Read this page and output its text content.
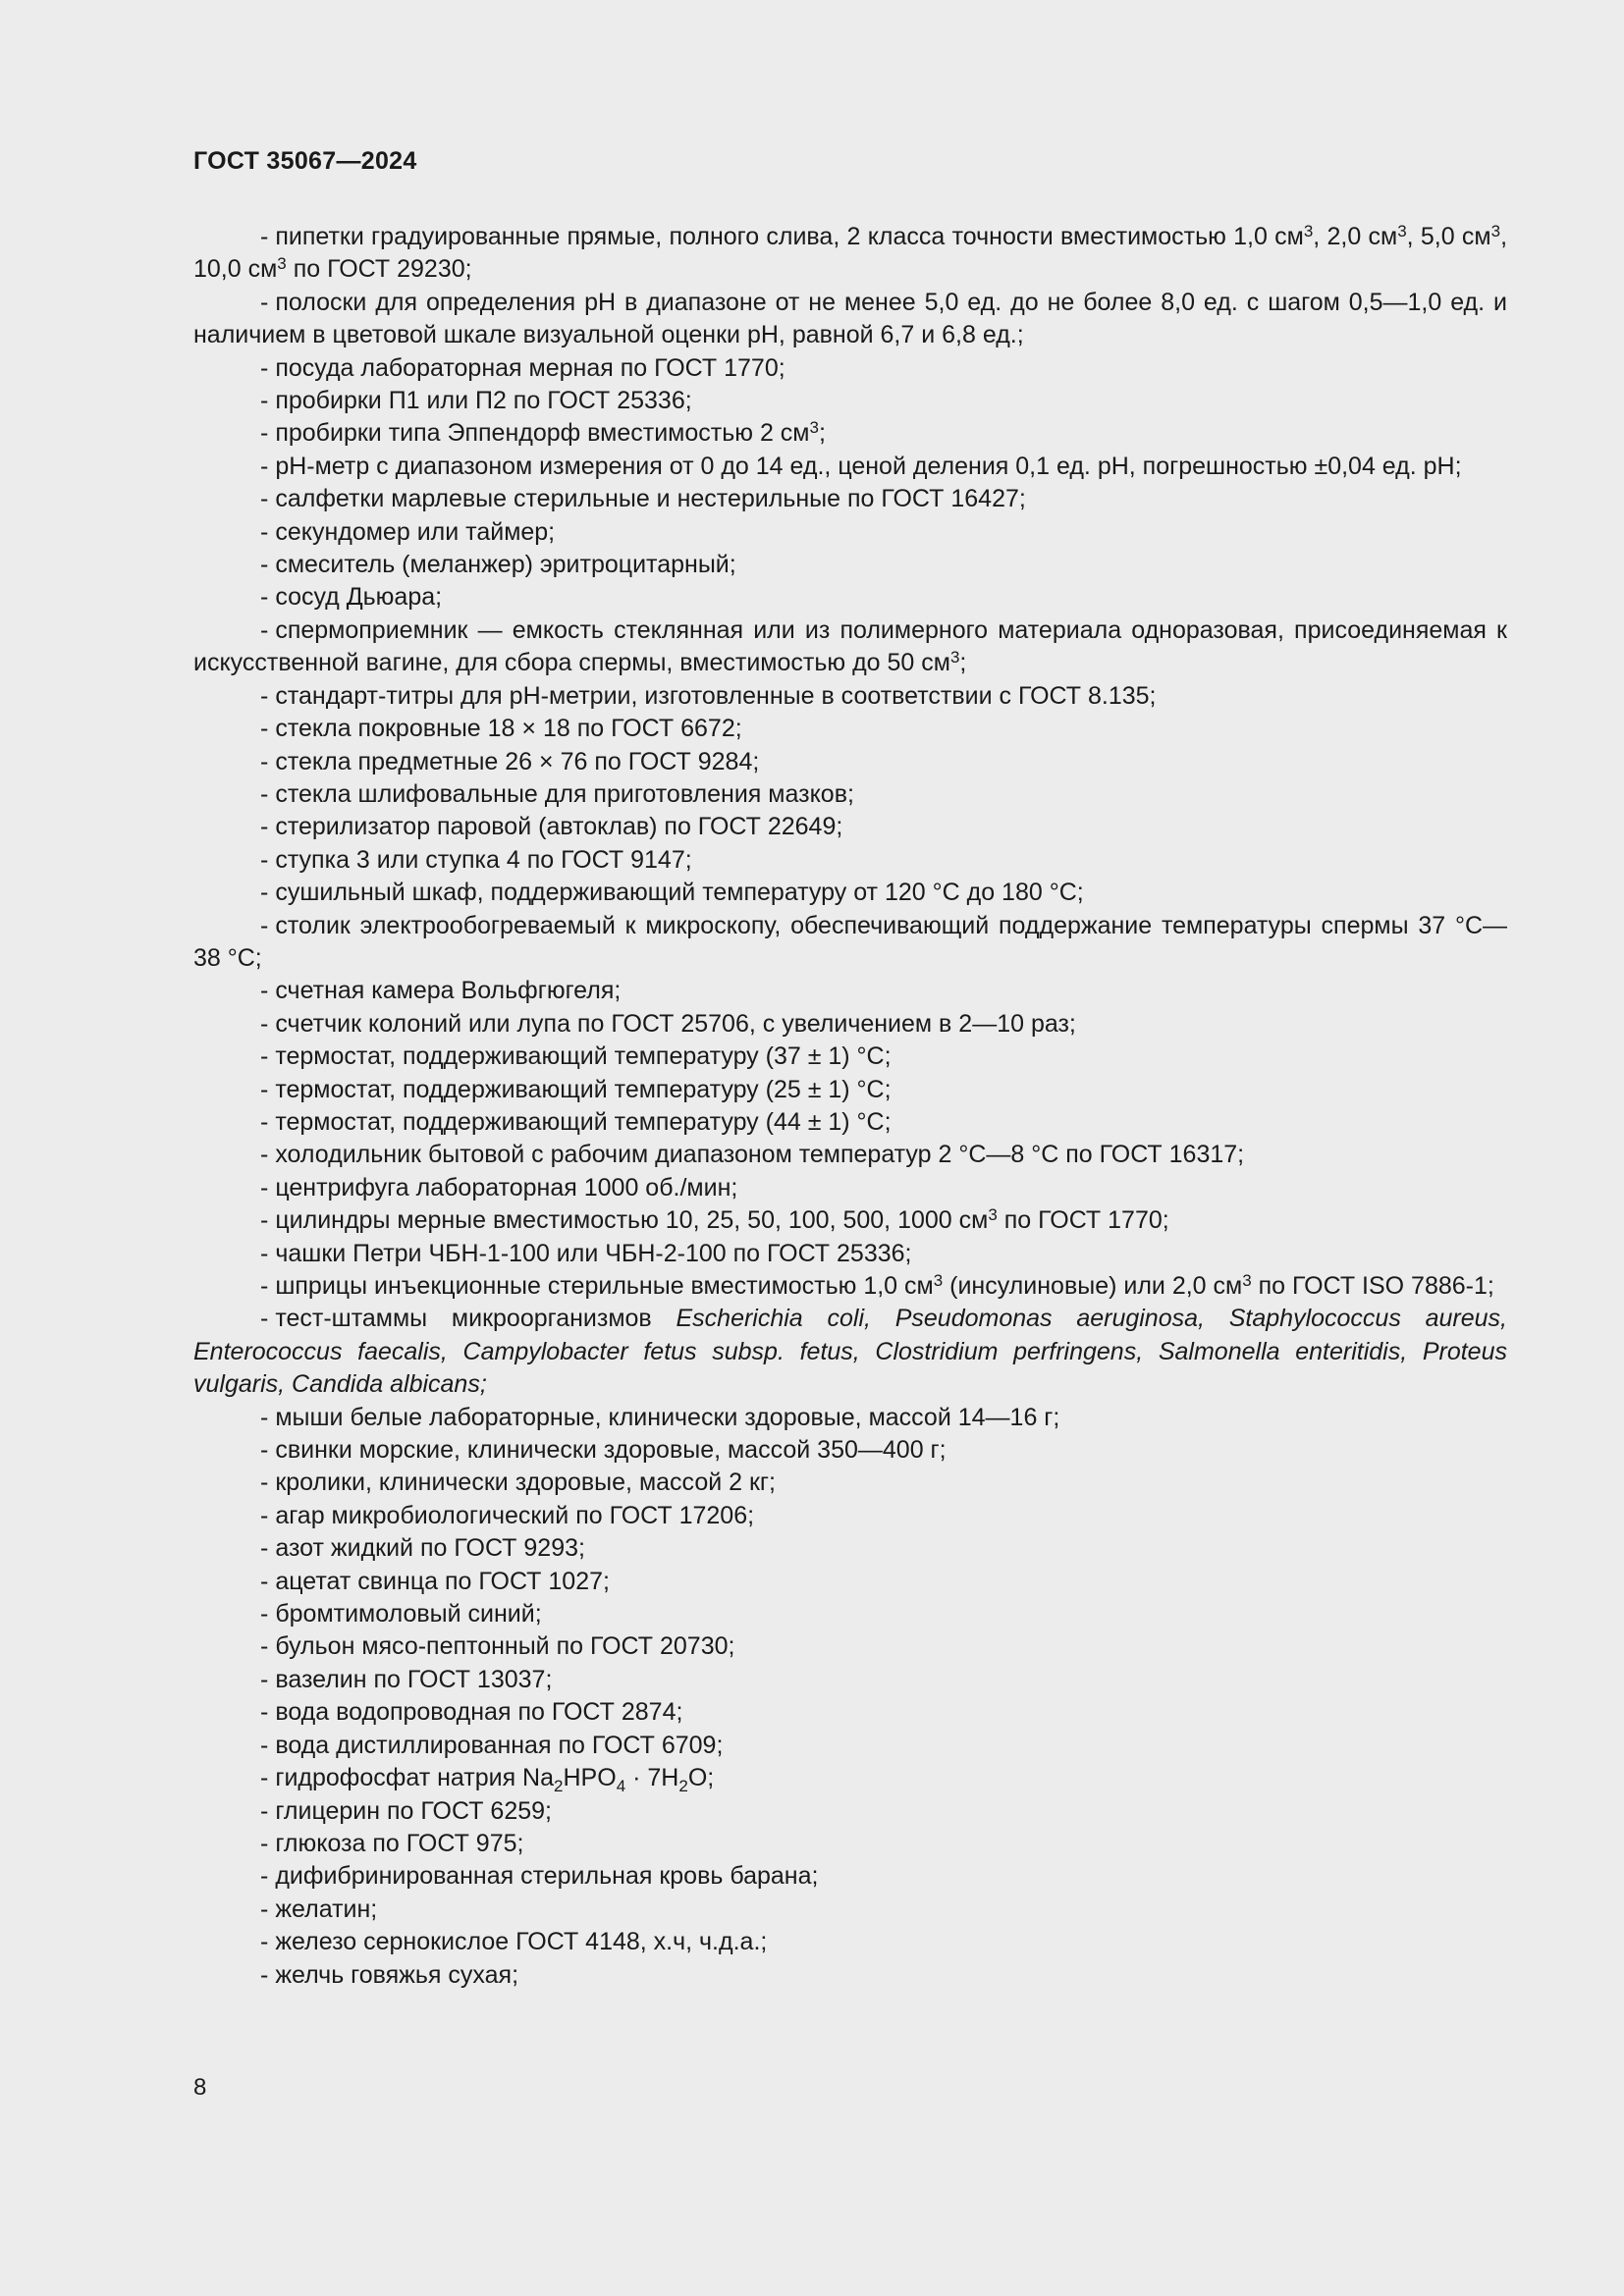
ГОСТ 35067—2024

- пипетки градуированные прямые, полного слива, 2 класса точности вместимостью 1,0 $см^3$, 2,0 $см^3$, 5,0 $см^3$, 10,0 $см^3$ по ГОСТ 29230;

- полоски для определения pH в диапазоне от не менее 5,0 ед. до не более 8,0 ед. с шагом 0,5—1,0 ед. и наличием в цветовой шкале визуальной оценки pH, равной 6,7 и 6,8 ед.;

- посуда лабораторная мерная по ГОСТ 1770;

- пробирки П1 или П2 по ГОСТ 25336;

- пробирки типа Эппендорф вместимостью 2 $см^3$;

- pH-метр с диапазоном измерения от 0 до 14 ед., ценой деления 0,1 ед. pH, погрешностью ±0,04 ед. pH;

- салфетки марлевые стерильные и нестерильные по ГОСТ 16427;

- секундомер или таймер;

- смеситель (меланжер) эритроцитарный;

- сосуд Дьюара;

- спермоприемник — емкость стеклянная или из полимерного материала одноразовая, присоединяемая к искусственной вагине, для сбора спермы, вместимостью до 50 $см^3$;

- стандарт-титры для pH-метрии, изготовленные в соответствии с ГОСТ 8.135;

- стекла покровные 18 × 18 по ГОСТ 6672;

- стекла предметные 26 × 76 по ГОСТ 9284;

- стекла шлифовальные для приготовления мазков;

- стерилизатор паровой (автоклав) по ГОСТ 22649;

- ступка 3 или ступка 4 по ГОСТ 9147;

- сушильный шкаф, поддерживающий температуру от 120 °С до 180 °С;

- столик электрообогреваемый к микроскопу, обеспечивающий поддержание температуры спермы 37 °С—38 °С;

- счетная камера Вольфгюгеля;

- счетчик колоний или лупа по ГОСТ 25706, с увеличением в 2—10 раз;

- термостат, поддерживающий температуру (37 ± 1) °С;

- термостат, поддерживающий температуру (25 ± 1) °С;

- термостат, поддерживающий температуру (44 ± 1) °С;

- холодильник бытовой с рабочим диапазоном температур 2 °С—8 °С по ГОСТ 16317;

- центрифуга лабораторная 1000 об./мин;

- цилиндры мерные вместимостью 10, 25, 50, 100, 500, 1000 $см^3$ по ГОСТ 1770;

- чашки Петри ЧБН-1-100 или ЧБН-2-100 по ГОСТ 25336;

- шприцы инъекционные стерильные вместимостью 1,0 $см^3$ (инсулиновые) или 2,0 $см^3$ по ГОСТ ISO 7886-1;

- тест-штаммы микроорганизмов Escherichia coli, Pseudomonas aeruginosa, Staphylococcus aureus, Enterococcus faecalis, Campylobacter fetus subsp. fetus, Clostridium perfringens, Salmonella enteritidis, Proteus vulgaris, Candida albicans;

- мыши белые лабораторные, клинически здоровые, массой 14—16 г;

- свинки морские, клинически здоровые, массой 350—400 г;

- кролики, клинически здоровые, массой 2 кг;

- агар микробиологический по ГОСТ 17206;

- азот жидкий по ГОСТ 9293;

- ацетат свинца по ГОСТ 1027;

- бромтимоловый синий;

- бульон мясо-пептонный по ГОСТ 20730;

- вазелин по ГОСТ 13037;

- вода водопроводная по ГОСТ 2874;

- вода дистиллированная по ГОСТ 6709;

- гидрофосфат натрия $Na_2HPO_4 \cdot 7H_2O$;

- глицерин по ГОСТ 6259;

- глюкоза по ГОСТ 975;

- дифибринированная стерильная кровь барана;

- желатин;

- железо сернокислое ГОСТ 4148, х.ч, ч.д.а.;

- желчь говяжья сухая;

8
